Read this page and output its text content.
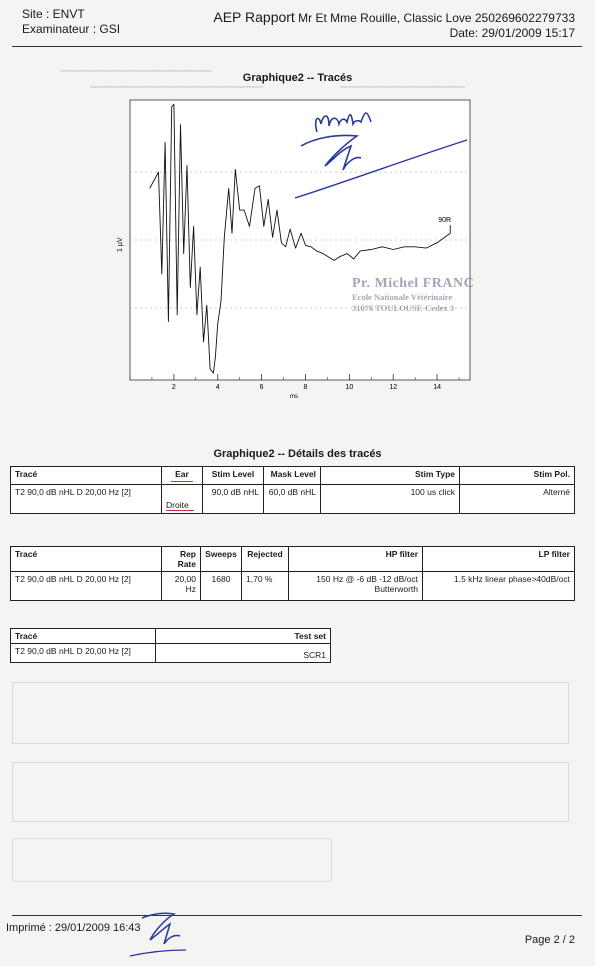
Site : ENVT
Examinateur : GSI
AEP Rapport Mr Et Mme Rouille, Classic Love 250269602279733
Date: 29/01/2009 15:17
━━━━━━━━━━━━━━━━━━━━━━━━━━━━
━━━━━━━━━━━━━━━━━━━━━━━━━━━━━━━━	━━━━━━━━━━━━━━━━━━━━━━━
Graphique2 -- Tracés
2	4	6	8	10	12	14
1 µV
ms
90R
Pr. Michel FRANC
Ecole Nationale Vétérinaire
31076 TOULOUSE-Cedex 3
Graphique2 -- Détails des tracés
Tracé	Ear	Stim Level	Mask Level	Stim Type	Stim Pol.
T2 90,0 dB nHL D 20,00 Hz [2]	Droite	90,0 dB nHL	60,0 dB nHL	100 us click	Alterné
Tracé	Rep Rate	Sweeps	Rejected	HP filter	LP filter
T2 90,0 dB nHL D 20,00 Hz [2]	20,00 Hz	1680	1,70 %	150 Hz @ -6 dB -12 dB/oct Butterworth	1.5 kHz linear phase>40dB/oct
Tracé	Test set
T2 90,0 dB nHL D 20,00 Hz [2]	SCR1
Imprimé : 29/01/2009 16:43
Page 2 / 2
